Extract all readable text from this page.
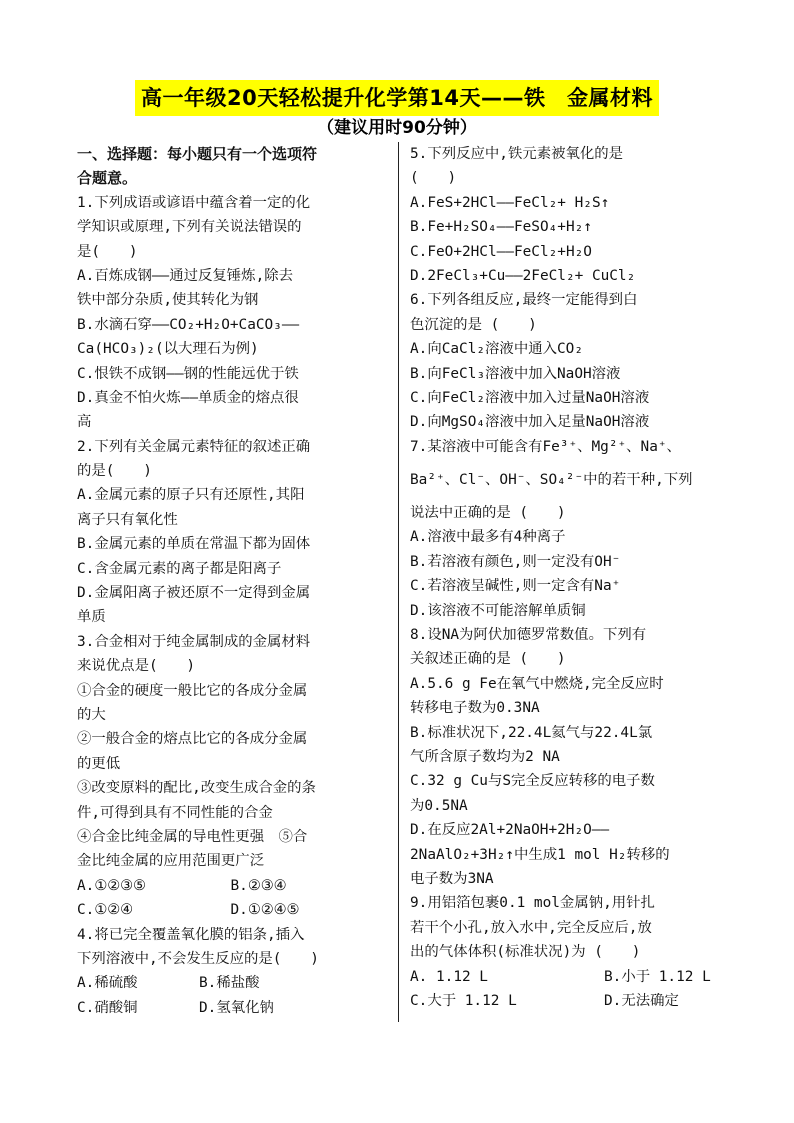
高一年级20天轻松提升化学第14天——铁　金属材料
（建议用时90分钟）
一、选择题：每小题只有一个选项符
合题意。
1.下列成语或谚语中蕴含着一定的化
学知识或原理,下列有关说法错误的
是(　　)
A.百炼成钢——通过反复锤炼,除去
铁中部分杂质,使其转化为钢
B.水滴石穿——CO₂+H₂O+CaCO₃——
Ca(HCO₃)₂(以大理石为例)
C.恨铁不成钢——钢的性能远优于铁
D.真金不怕火炼——单质金的熔点很
高
2.下列有关金属元素特征的叙述正确
的是(　　)
A.金属元素的原子只有还原性,其阳
离子只有氧化性
B.金属元素的单质在常温下都为固体
C.含金属元素的离子都是阳离子
D.金属阳离子被还原不一定得到金属
单质
3.合金相对于纯金属制成的金属材料
来说优点是(　　)
①合金的硬度一般比它的各成分金属
的大
②一般合金的熔点比它的各成分金属
的更低
③改变原料的配比,改变生成合金的条
件,可得到具有不同性能的合金
④合金比纯金属的导电性更强　⑤合
金比纯金属的应用范围更广泛
A.①②③⑤	B.②③④
C.①②④	D.①②④⑤
4.将已完全覆盖氧化膜的铝条,插入
下列溶液中,不会发生反应的是(　　)
A.稀硫酸	B.稀盐酸
C.硝酸铜	D.氢氧化钠
5.下列反应中,铁元素被氧化的是
(　　)
A.FeS+2HCl——FeCl₂+ H₂S↑
B.Fe+H₂SO₄——FeSO₄+H₂↑
C.FeO+2HCl——FeCl₂+H₂O
D.2FeCl₃+Cu——2FeCl₂+ CuCl₂
6.下列各组反应,最终一定能得到白
色沉淀的是 (　　)
A.向CaCl₂溶液中通入CO₂
B.向FeCl₃溶液中加入NaOH溶液
C.向FeCl₂溶液中加入过量NaOH溶液
D.向MgSO₄溶液中加入足量NaOH溶液
7.某溶液中可能含有Fe³⁺、Mg²⁺、Na⁺、
Ba²⁺、Cl⁻、OH⁻、SO₄²⁻中的若干种,下列
说法中正确的是 (　　)
A.溶液中最多有4种离子
B.若溶液有颜色,则一定没有OH⁻
C.若溶液呈碱性,则一定含有Na⁺
D.该溶液不可能溶解单质铜
8.设NA为阿伏加德罗常数值。下列有
关叙述正确的是 (　　)
A.5.6 g Fe在氧气中燃烧,完全反应时
转移电子数为0.3NA
B.标准状况下,22.4L氦气与22.4L氯
气所含原子数均为2 NA
C.32 g Cu与S完全反应转移的电子数
为0.5NA
D.在反应2Al+2NaOH+2H₂O——
2NaAlO₂+3H₂↑中生成1 mol H₂转移的
电子数为3NA
9.用铝箔包裹0.1 mol金属钠,用针扎
若干个小孔,放入水中,完全反应后,放
出的气体体积(标准状况)为 (　　)
A. 1.12 L	B.小于 1.12 L
C.大于 1.12 L	D.无法确定
